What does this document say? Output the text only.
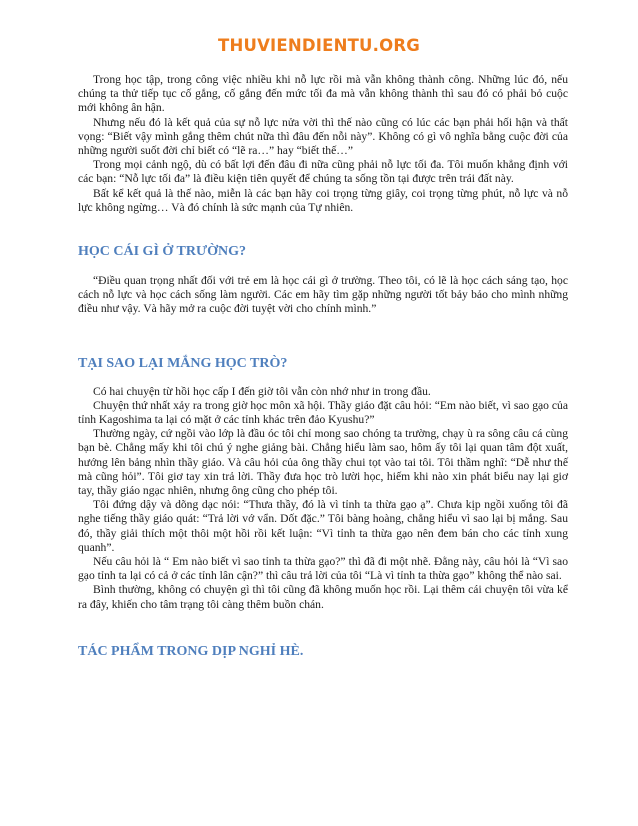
THUVIENDIENTU.ORG

Trong học tập, trong công việc nhiều khi nỗ lực rồi mà vẫn không thành công. Những lúc đó, nếu chúng ta thử tiếp tục cố gắng, cố gắng đến mức tối đa mà vẫn không thành thì sau đó có phải bỏ cuộc mới không ân hận.

Nhưng nếu đó là kết quả của sự nỗ lực nửa vời thì thế nào cũng có lúc các bạn phải hối hận và thất vọng: “Biết vậy mình gắng thêm chút nữa thì đâu đến nỗi này”. Không có gì vô nghĩa bằng cuộc đời của những người suốt đời chỉ biết có “lẽ ra…” hay “biết thế…”

Trong mọi cảnh ngộ, dù có bất lợi đến đâu đi nữa cũng phải nỗ lực tối đa. Tôi muốn khẳng định với các bạn: “Nỗ lực tối đa” là điều kiện tiên quyết để chúng ta sống tồn tại được trên trái đất này.

Bất kể kết quả là thế nào, miễn là các bạn hãy coi trọng từng giây, coi trọng từng phút, nỗ lực và nỗ lực không ngừng… Và đó chính là sức mạnh của Tự nhiên.

HỌC CÁI GÌ Ở TRƯỜNG?

“Điều quan trọng nhất đối với trẻ em là học cái gì ở trường. Theo tôi, có lẽ là học cách sáng tạo, học cách nỗ lực và học cách sống làm người. Các em hãy tìm gặp những người tốt bảy bảo cho mình những điều như vậy. Và hãy mở ra cuộc đời tuyệt vời cho chính mình.”

TẠI SAO LẠI MẮNG HỌC TRÒ?

Có hai chuyện từ hồi học cấp I đến giờ tôi vẫn còn nhớ như in trong đầu.

Chuyện thứ nhất xảy ra trong giờ học môn xã hội. Thầy giáo đặt câu hỏi: “Em nào biết, vì sao gạo của tỉnh Kagoshima ta lại có mặt ở các tỉnh khác trên đảo Kyushu?”

Thường ngày, cứ ngồi vào lớp là đầu óc tôi chỉ mong sao chóng ta trường, chạy ù ra sông câu cá cùng bạn bè. Chẳng mấy khi tôi chú ý nghe giảng bài. Chẳng hiểu làm sao, hôm ấy tôi lại quan tâm đột xuất, hướng lên bảng nhìn thầy giáo. Và câu hỏi của ông thầy chui tọt vào tai tôi. Tôi thầm nghĩ: “Dễ như thế mà cũng hỏi”. Tôi giơ tay xin trả lời. Thầy đưa học trò lười học, hiếm khi nào xin phát biểu nay lại giơ tay, thầy giáo ngạc nhiên, nhưng ông cũng cho phép tôi.

Tôi đứng dậy và dõng dạc nói: “Thưa thầy, đó là vì tỉnh ta thừa gạo ạ”. Chưa kịp ngồi xuống tôi đã nghe tiếng thầy giáo quát: “Trả lời vớ vẩn. Dốt đặc.” Tôi bàng hoàng, chẳng hiểu vì sao lại bị mắng. Sau đó, thầy giải thích một thôi một hồi rồi kết luận: “Vì tỉnh ta thừa gạo nên đem bán cho các tỉnh xung quanh”.

Nếu câu hỏi là “ Em nào biết vì sao tỉnh ta thừa gạo?” thì đã đi một nhẽ. Đằng này, câu hỏi là “Vì sao gạo tỉnh ta lại có cả ở các tỉnh lân cận?” thì câu trả lời của tôi “Là vì tỉnh ta thừa gạo” không thể nào sai.

Bình thường, không có chuyện gì thì tôi cũng đã không muốn học rồi. Lại thêm cái chuyện tôi vừa kể ra đây, khiến cho tâm trạng tôi càng thêm buồn chán.

TÁC PHẨM TRONG DỊP NGHỈ HÈ.
